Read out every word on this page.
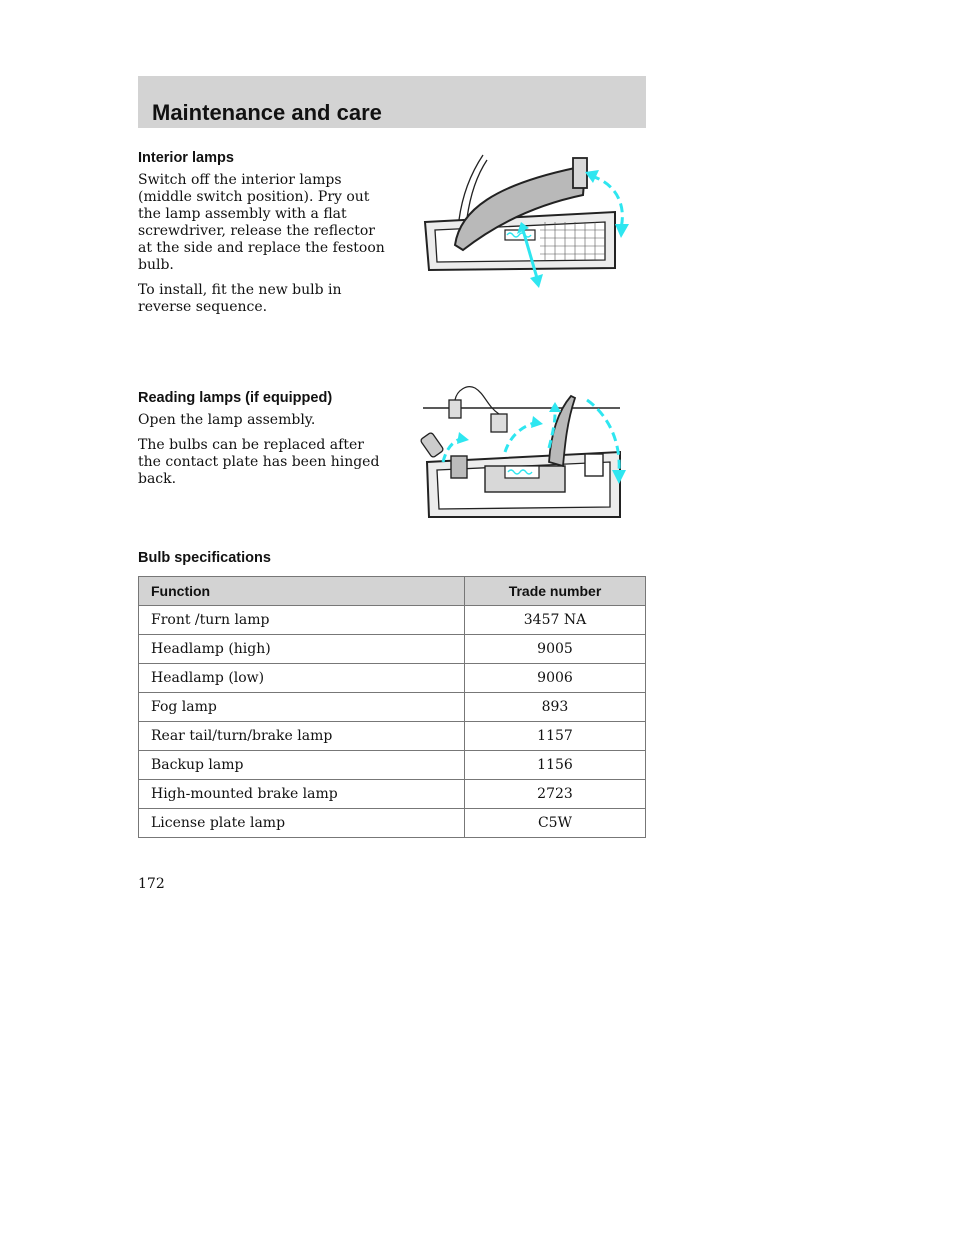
Maintenance and care
Interior lamps

Switch off the interior lamps (middle switch position). Pry out the lamp assembly with a flat screwdriver, release the reflector at the side and replace the festoon bulb.

To install, fit the new bulb in reverse sequence.

Reading lamps (if equipped)

Open the lamp assembly.

The bulbs can be replaced after the contact plate has been hinged back.

Bulb specifications
Function	Trade number
Front /turn lamp	3457 NA
Headlamp (high)	9005
Headlamp (low)	9006
Fog lamp	893
Rear tail/turn/brake lamp	1157
Backup lamp	1156
High-mounted brake lamp	2723
License plate lamp	C5W
172
